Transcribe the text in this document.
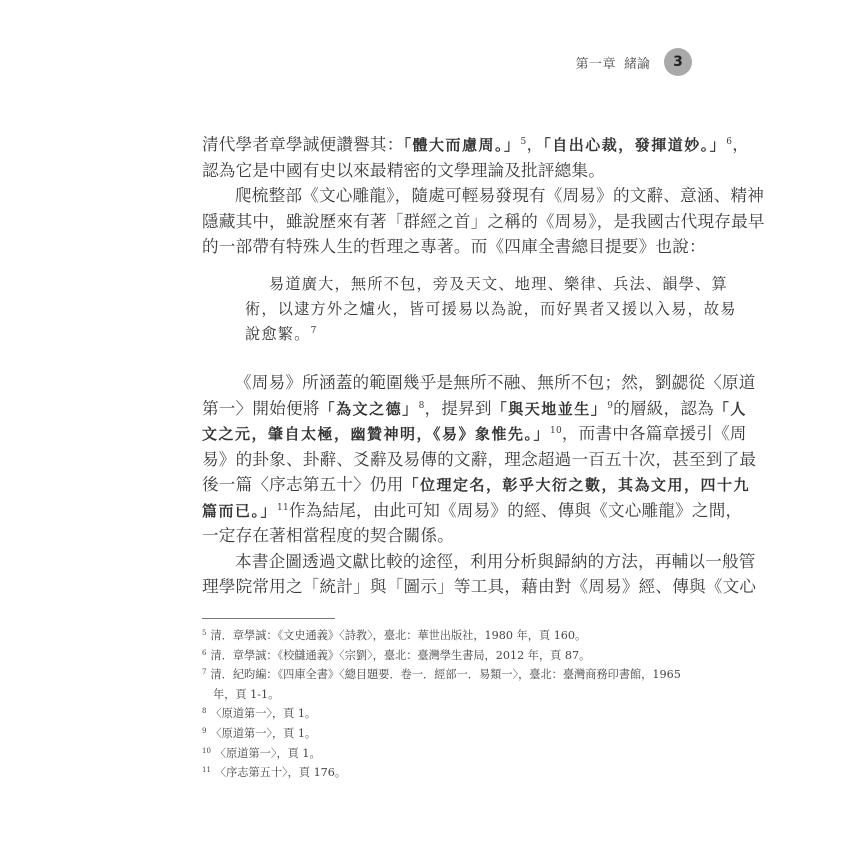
第一章 緒論	3
清代學者章學誠便讚譽其：「體大而慮周。」$^5$，「自出心裁，發揮道妙。」$^6$，
認為它是中國有史以來最精密的文學理論及批評總集。
爬梳整部《文心雕龍》，隨處可輕易發現有《周易》的文辭、意涵、精神
隱藏其中，雖說歷來有著「群經之首」之稱的《周易》，是我國古代現存最早
的一部帶有特殊人生的哲理之專著。而《四庫全書總目提要》也說：
易道廣大，無所不包，旁及天文、地理、樂律、兵法、韻學、算
術，以逮方外之爐火，皆可援易以為說，而好異者又援以入易，故易
說愈繁。$^7$
《周易》所涵蓋的範圍幾乎是無所不融、無所不包；然，劉勰從〈原道
第一〉開始便將「為文之德」$^8$，提昇到「與天地並生」$^9$的層級，認為「人
文之元，肇自太極，幽贊神明，《易》象惟先。」$^{10}$，而書中各篇章援引《周
易》的卦象、卦辭、爻辭及易傳的文辭，理念超過一百五十次，甚至到了最
後一篇〈序志第五十〉仍用「位理定名，彰乎大衍之數，其為文用，四十九
篇而已。」$^{11}$作為結尾，由此可知《周易》的經、傳與《文心雕龍》之間，
一定存在著相當程度的契合關係。
本書企圖透過文獻比較的途徑，利用分析與歸納的方法，再輔以一般管
理學院常用之「統計」與「圖示」等工具，藉由對《周易》經、傳與《文心
$^5$ 清．章學誠：《文史通義》〈詩教〉，臺北：華世出版社，1980 年，頁 160。
$^6$ 清．章學誠：《校讎通義》〈宗劉〉，臺北：臺灣學生書局，2012 年，頁 87。
$^7$ 清．紀昀編：《四庫全書》〈總目題要．卷一．經部一．易類一〉，臺北：臺灣商務印書館，1965
年，頁 1-1。
$^8$ 〈原道第一〉，頁 1。
$^9$ 〈原道第一〉，頁 1。
$^{10}$ 〈原道第一〉，頁 1。
$^{11}$ 〈序志第五十〉，頁 176。
